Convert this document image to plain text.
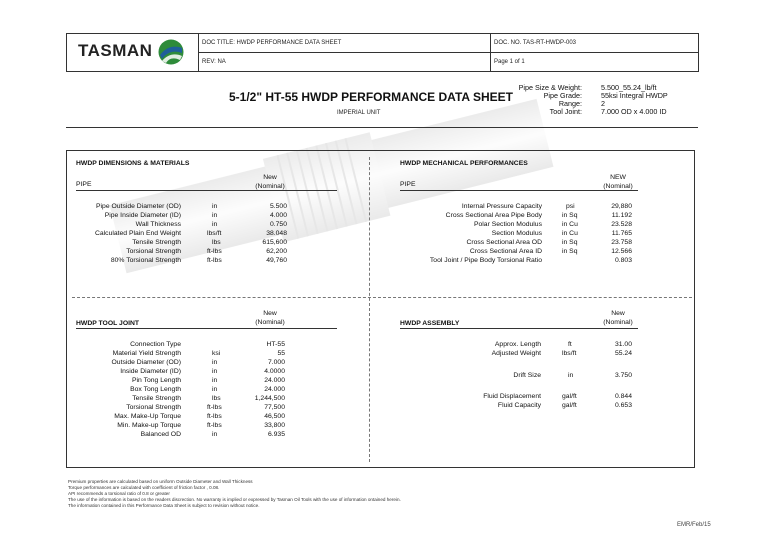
TASMAN	DOC TITLE: HWDP PERFORMANCE DATA SHEET	DOC. NO. TAS-RT-HWDP-003
REV: NA	Page 1 of 1
5-1/2" HT-55 HWDP PERFORMANCE DATA SHEET
IMPERIAL UNIT
Pipe Size & Weight:	5.500_55.24_lb/ft
Pipe Grade:	55ksi Integral HWDP
Range:	2
Tool Joint:	7.000 OD x 4.000 ID
HWDP DIMENSIONS & MATERIALS
PIPE
New
(Nominal)
Pipe Outside Diameter (OD)	in	5.500
Pipe Inside Diameter (ID)	in	4.000
Wall Thickness	in	0.750
Calculated Plain End Weight	lbs/ft	38.048
Tensile Strength	lbs	615,600
Torsional Strength	ft-lbs	62,200
80% Torsional Strength	ft-lbs	49,760
HWDP MECHANICAL PERFORMANCES
PIPE
NEW
(Nominal)
Internal Pressure Capacity	psi	29,880
Cross Sectional Area Pipe Body	in Sq	11.192
Polar Section Modulus	in Cu	23.528
Section Modulus	in Cu	11.765
Cross Sectional Area OD	in Sq	23.758
Cross Sectional Area ID	in Sq	12.566
Tool Joint / Pipe Body Torsional Ratio	0.803
HWDP TOOL JOINT
New
(Nominal)
Connection Type	HT-55
Material Yield Strength	ksi	55
Outside Diameter (OD)	in	7.000
Inside Diameter (ID)	in	4.0000
Pin Tong Length	in	24.000
Box Tong Length	in	24.000
Tensile Strength	lbs	1,244,500
Torsional Strength	ft-lbs	77,500
Max. Make-Up Torque	ft-lbs	46,500
Min. Make-up Torque	ft-lbs	33,800
Balanced OD	in	6.935
HWDP ASSEMBLY
New
(Nominal)
Approx. Length	ft	31.00
Adjusted Weight	lbs/ft	55.24
Drift Size	in	3.750
Fluid Displacement	gal/ft	0.844
Fluid Capacity	gal/ft	0.653
Premium properties are calculated based on uniform Outside Diameter and Wall Thickness
Torque performances are calculated with coefficient of friction factor , 0.08.
API recommends a torsional ratio of 0.8 or greater
The use of the information is based on the readers discrection. No warranty is implied or expressed by Tasman Oil Tools with the use of information ontained herein.
The information contained in this Performance Data Sheet is subject to revision without notice.
EMR/Feb/15
